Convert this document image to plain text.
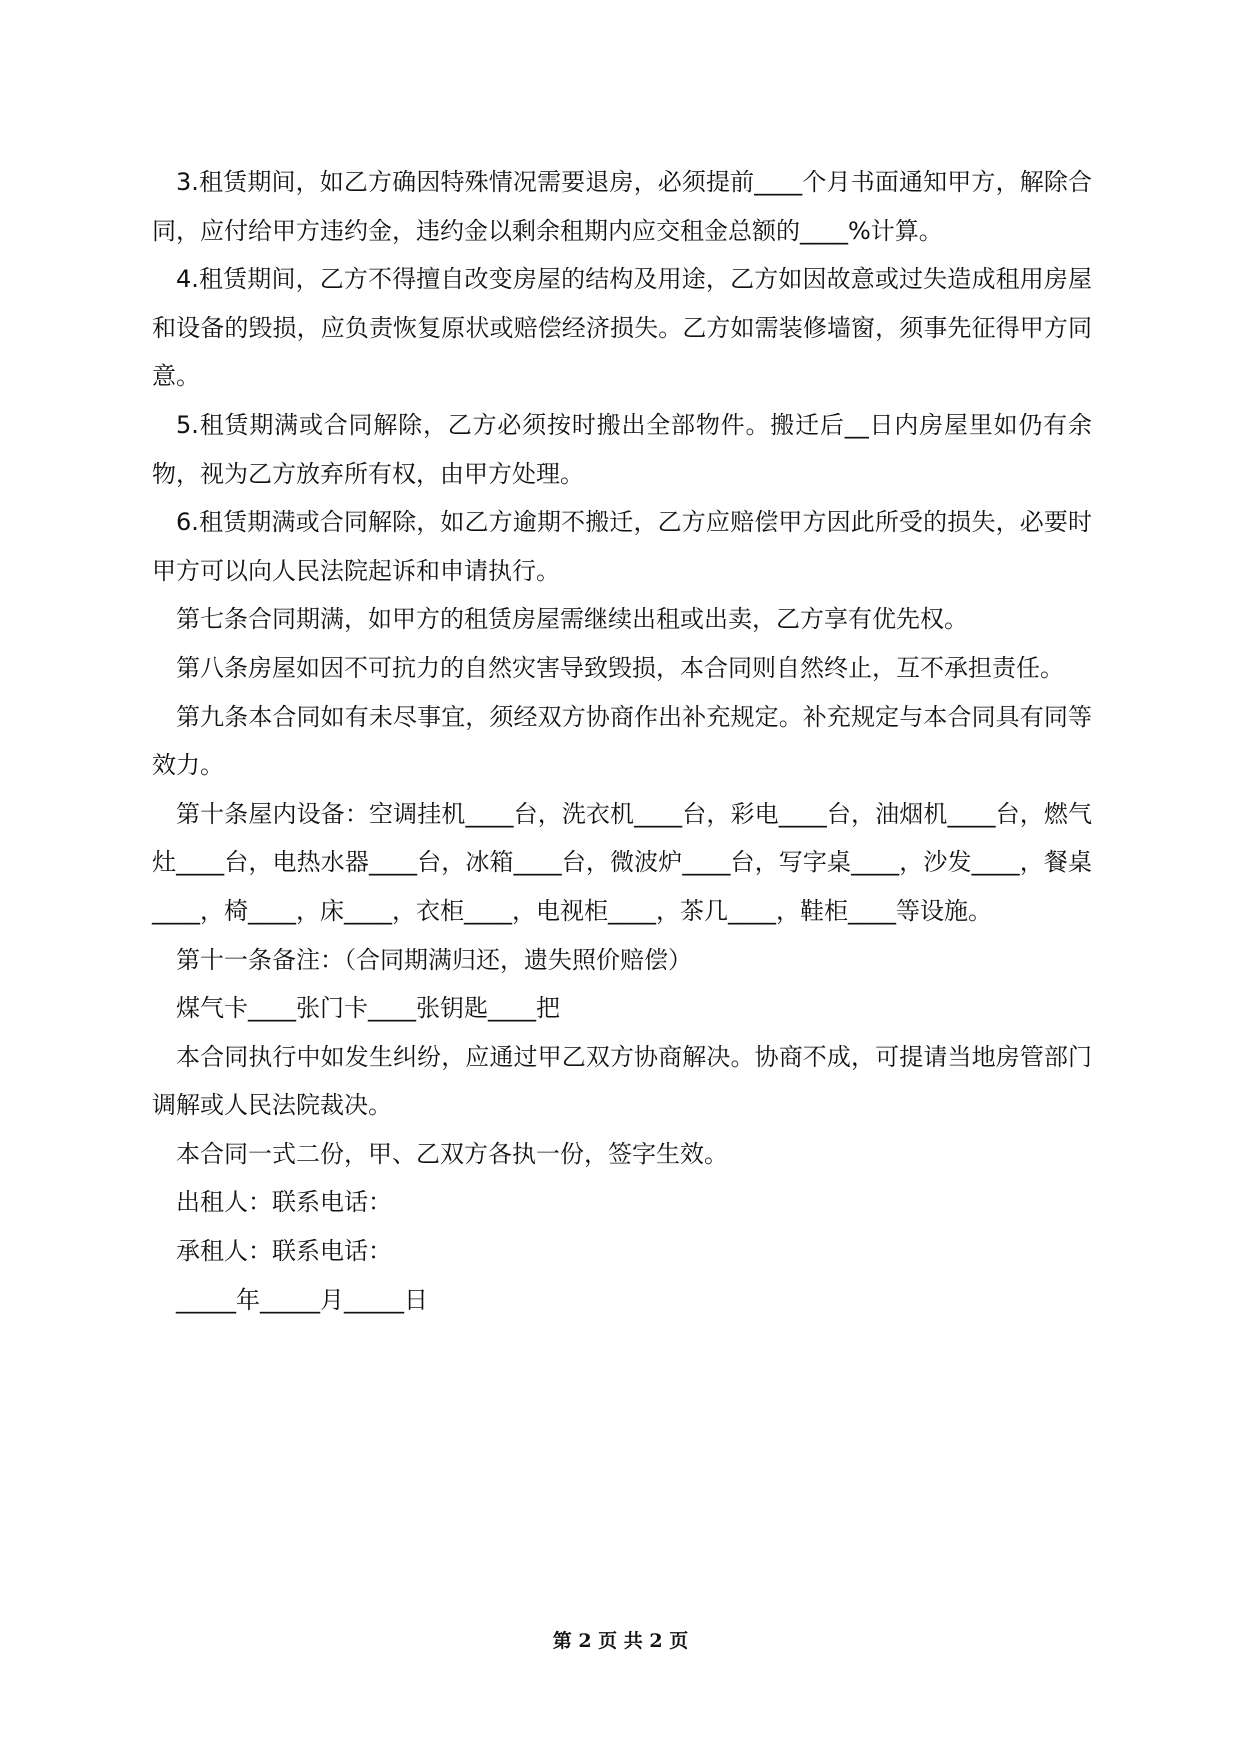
3.租赁期间，如乙方确因特殊情况需要退房，必须提前____个月书面通知甲方，解除合同，应付给甲方违约金，违约金以剩余租期内应交租金总额的____%计算。

4.租赁期间，乙方不得擅自改变房屋的结构及用途，乙方如因故意或过失造成租用房屋和设备的毁损，应负责恢复原状或赔偿经济损失。乙方如需装修墙窗，须事先征得甲方同意。

5.租赁期满或合同解除，乙方必须按时搬出全部物件。搬迁后__日内房屋里如仍有余物，视为乙方放弃所有权，由甲方处理。

6.租赁期满或合同解除，如乙方逾期不搬迁，乙方应赔偿甲方因此所受的损失，必要时甲方可以向人民法院起诉和申请执行。

第七条合同期满，如甲方的租赁房屋需继续出租或出卖，乙方享有优先权。

第八条房屋如因不可抗力的自然灾害导致毁损，本合同则自然终止，互不承担责任。

第九条本合同如有未尽事宜，须经双方协商作出补充规定。补充规定与本合同具有同等效力。

第十条屋内设备：空调挂机____台，洗衣机____台，彩电____台，油烟机____台，燃气灶____台，电热水器____台，冰箱____台，微波炉____台，写字桌____，沙发____，餐桌____，椅____，床____，衣柜____，电视柜____，茶几____，鞋柜____等设施。

第十一条备注：（合同期满归还，遗失照价赔偿）

煤气卡____张门卡____张钥匙____把

本合同执行中如发生纠纷，应通过甲乙双方协商解决。协商不成，可提请当地房管部门调解或人民法院裁决。

本合同一式二份，甲、乙双方各执一份，签字生效。

出租人：联系电话：

承租人：联系电话：

_____年_____月_____日

第 2 页 共 2 页
